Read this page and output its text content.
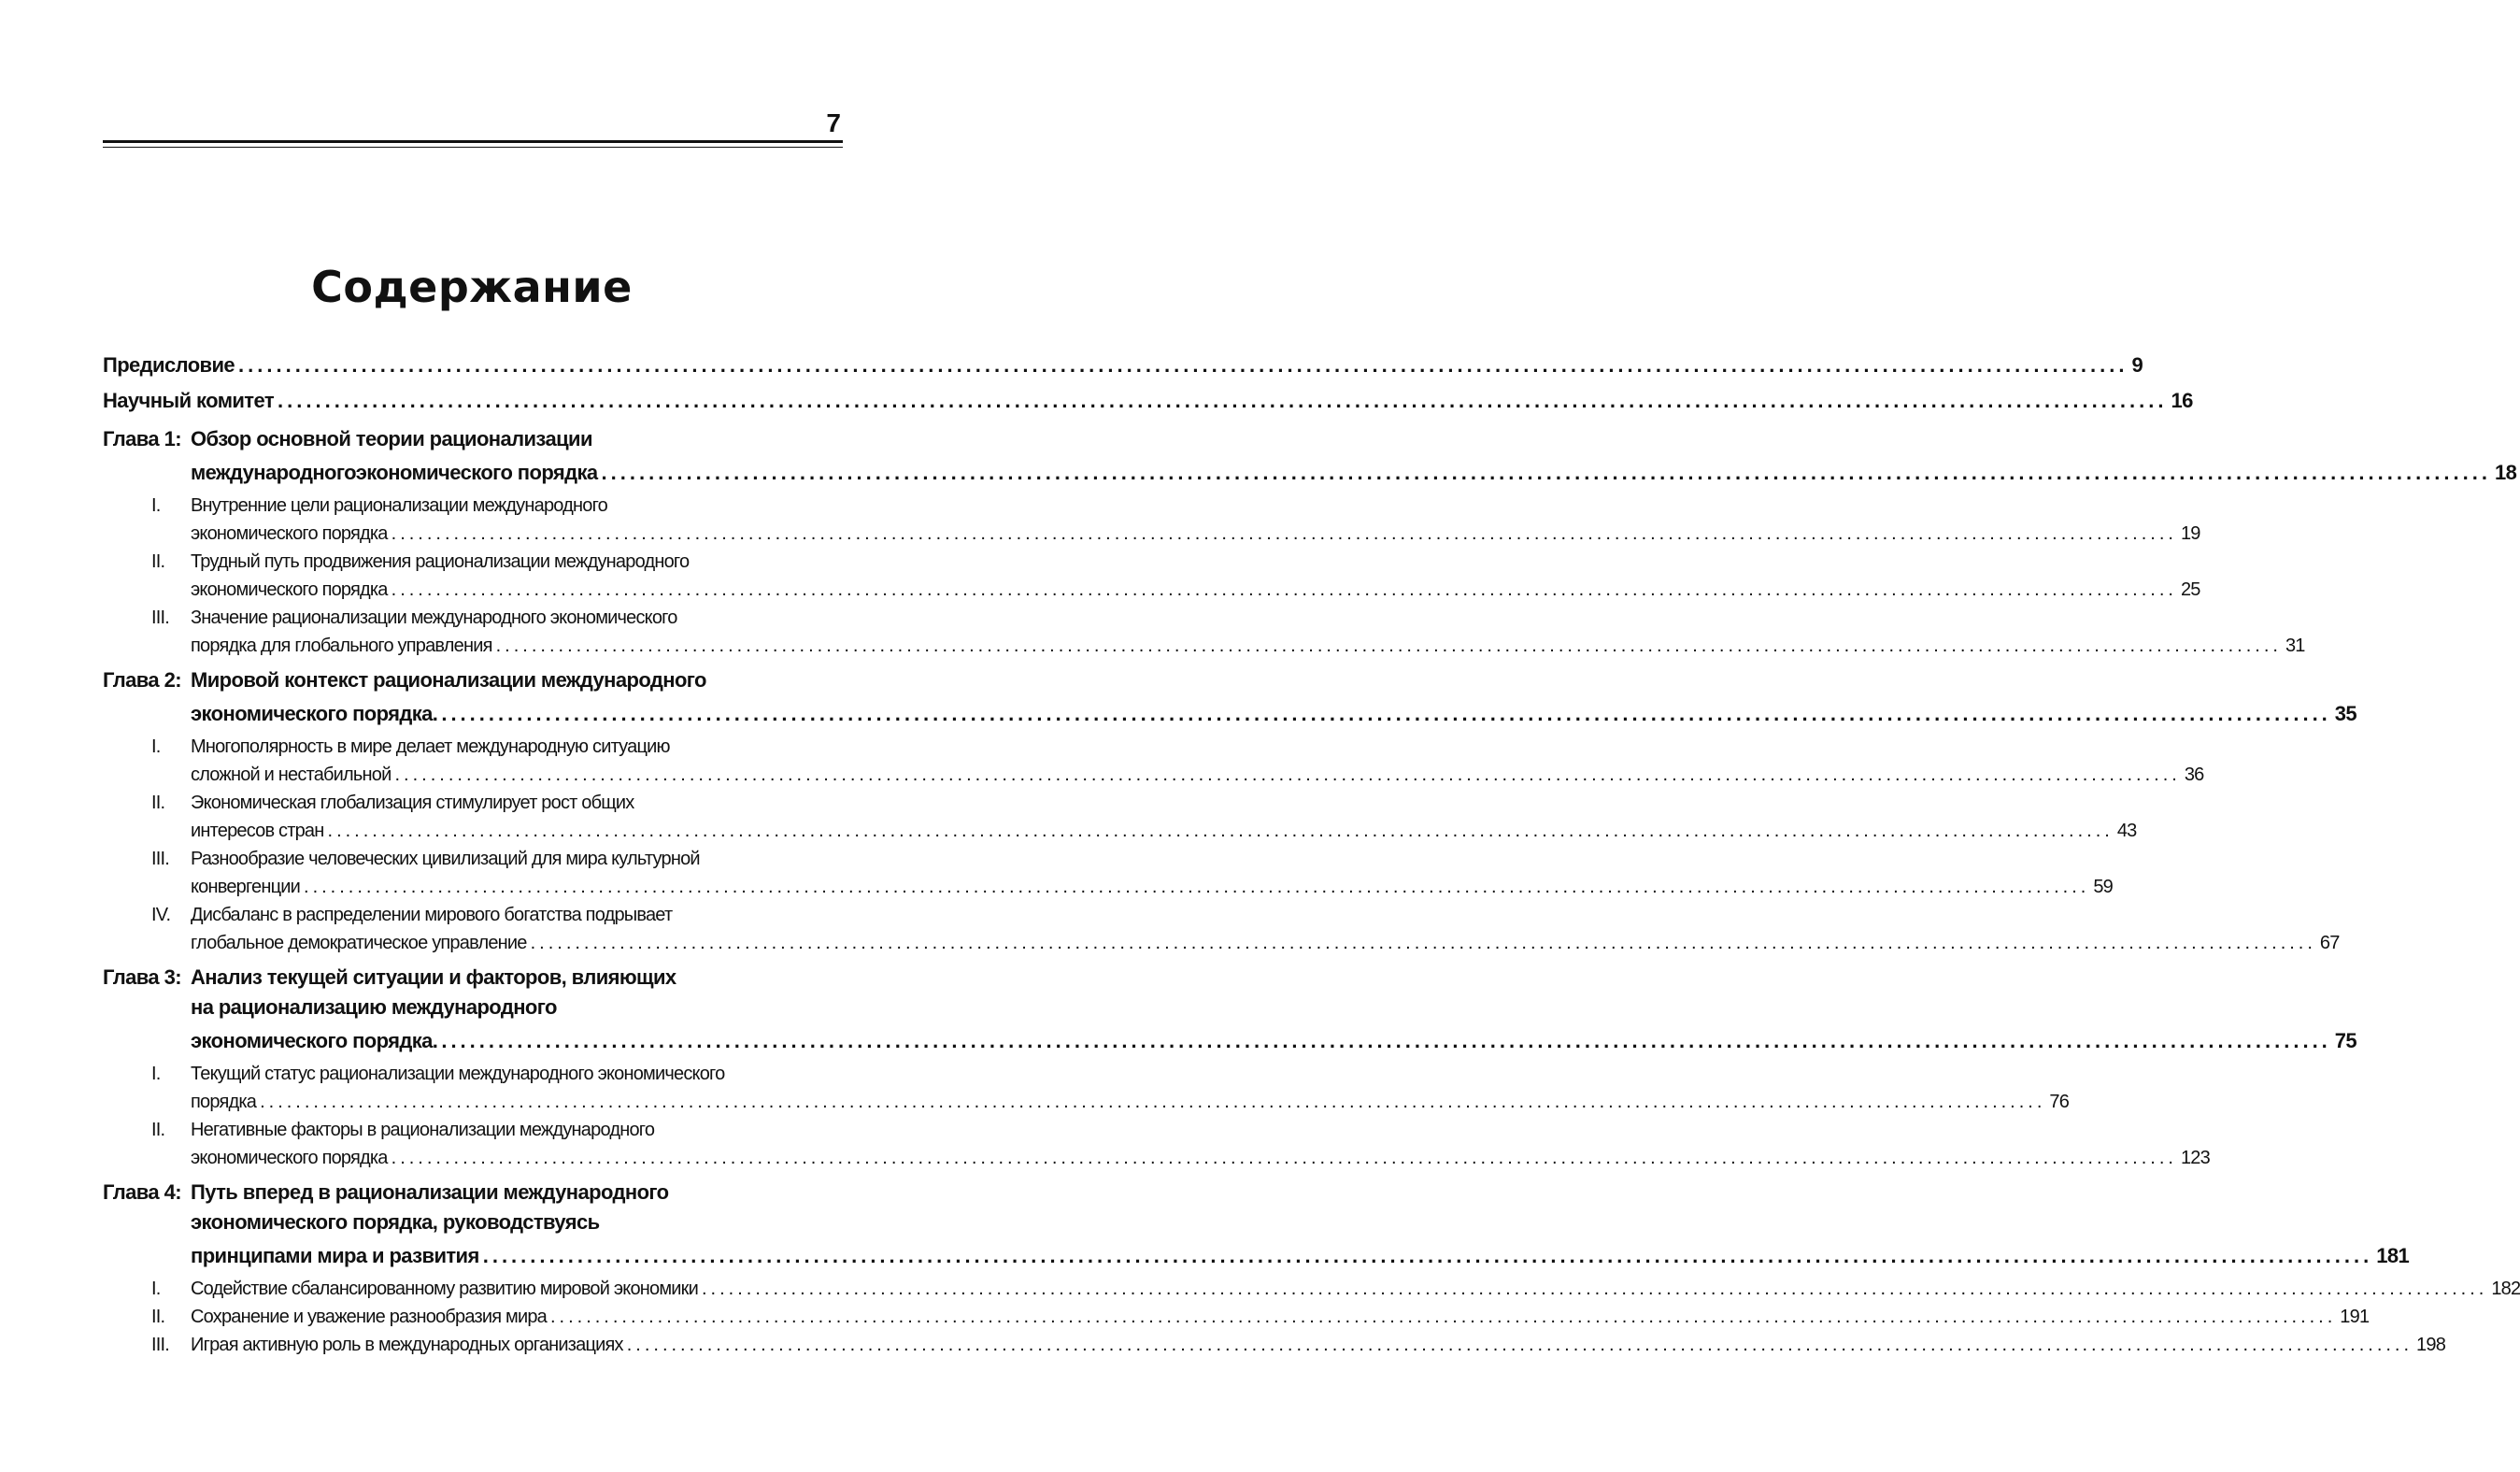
7
Содержание
Предисловие ........................................................................................................................................................................................................ 9
Научный комитет ........................................................................................................................................................................................................ 16
Глава 1: Обзор основной теории рационализации
международногоэкономического порядка ........................................................................................................................................................................................................ 18
I.	Внутренние цели рационализации международного
экономического порядка ........................................................................................................................................................................................................ 19
II.	Трудный путь продвижения рационализации международного
экономического порядка ........................................................................................................................................................................................................ 25
III.	Значение рационализации международного экономического
порядка для глобального управления ........................................................................................................................................................................................................ 31
Глава 2: Мировой контекст рационализации международного
экономического порядка. ........................................................................................................................................................................................................ 35
I.	Многополярность в мире делает международную ситуацию
сложной и нестабильной ........................................................................................................................................................................................................ 36
II.	Экономическая глобализация стимулирует рост общих
интересов стран ........................................................................................................................................................................................................ 43
III.	Разнообразие человеческих цивилизаций для мира культурной
конвергенции ........................................................................................................................................................................................................ 59
IV.	Дисбаланс в распределении мирового богатства подрывает
глобальное демократическое управление ........................................................................................................................................................................................................ 67
Глава 3: Анализ текущей ситуации и факторов, влияющих
на рационализацию международного
экономического порядка. ........................................................................................................................................................................................................ 75
I.	Текущий статус рационализации международного экономического
порядка ........................................................................................................................................................................................................ 76
II.	Негативные факторы в рационализации международного
экономического порядка ........................................................................................................................................................................................................ 123
Глава 4: Путь вперед в рационализации международного
экономического порядка, руководствуясь
принципами мира и развития ........................................................................................................................................................................................................ 181
I.	Содействие сбалансированному развитию мировой экономики ........................................................................................................................................................................................................ 182
II.	Сохранение и уважение разнообразия мира ........................................................................................................................................................................................................ 191
III.	Играя активную роль в международных организациях ........................................................................................................................................................................................................ 198
